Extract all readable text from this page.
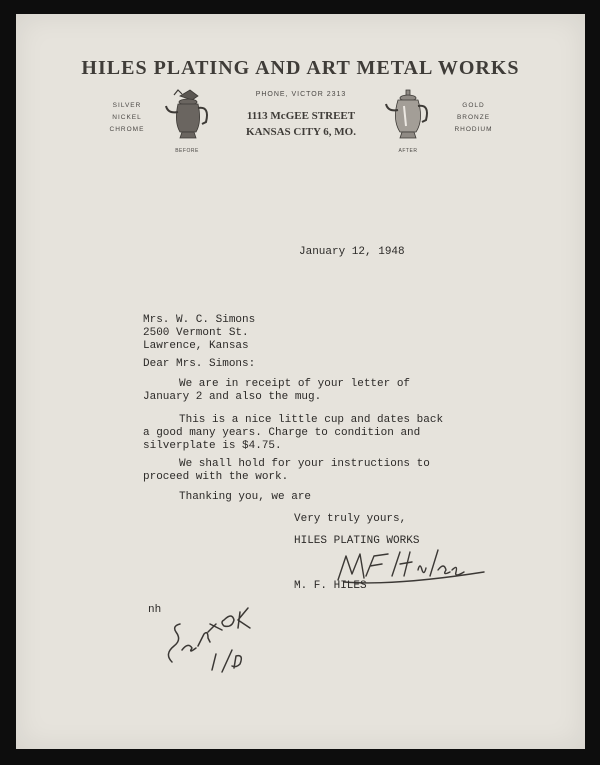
HILES PLATING AND ART METAL WORKS
PHONE, VICTOR 2313
1113 McGEE STREET
KANSAS CITY 6, MO.
SILVER
NICKEL
CHROME
GOLD
BRONZE
RHODIUM
BEFORE	AFTER
January 12, 1948
Mrs. W. C. Simons
2500 Vermont St.
Lawrence, Kansas
Dear Mrs. Simons:
We are in receipt of your letter of
January 2 and also the mug.
This is a nice little cup and dates back
a good many years. Charge to condition and
silverplate is $4.75.
We shall hold for your instructions to
proceed with the work.
Thanking you, we are
Very truly yours,
HILES PLATING WORKS
M. F. HILES
nh
